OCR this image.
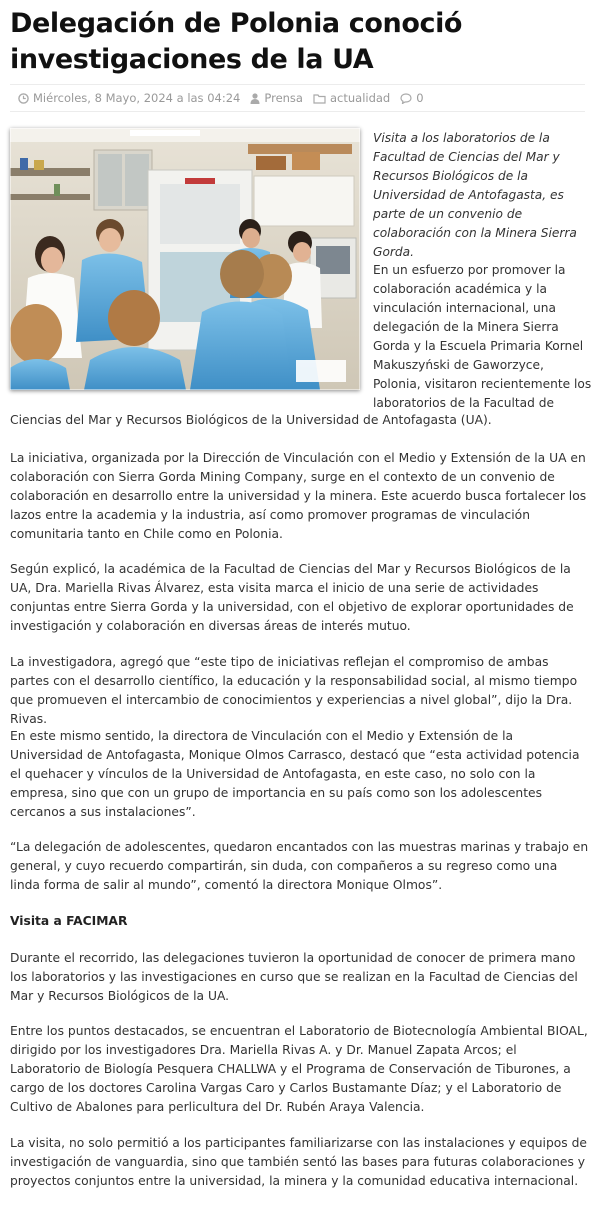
Delegación de Polonia conoció investigaciones de la UA
Miércoles, 8 Mayo, 2024 a las 04:24 Prensa actualidad 0

Visita a los laboratorios de la Facultad de Ciencias del Mar y Recursos Biológicos de la Universidad de Antofagasta, es parte de un convenio de colaboración con la Minera Sierra Gorda.

En un esfuerzo por promover la colaboración académica y la vinculación internacional, una delegación de la Minera Sierra Gorda y la Escuela Primaria Kornel Makuszyński de Gaworzyce, Polonia, visitaron recientemente los laboratorios de la Facultad de

Ciencias del Mar y Recursos Biológicos de la Universidad de Antofagasta (UA).

La iniciativa, organizada por la Dirección de Vinculación con el Medio y Extensión de la UA en colaboración con Sierra Gorda Mining Company, surge en el contexto de un convenio de colaboración en desarrollo entre la universidad y la minera. Este acuerdo busca fortalecer los lazos entre la academia y la industria, así como promover programas de vinculación comunitaria tanto en Chile como en Polonia.

Según explicó, la académica de la Facultad de Ciencias del Mar y Recursos Biológicos de la UA, Dra. Mariella Rivas Álvarez, esta visita marca el inicio de una serie de actividades conjuntas entre Sierra Gorda y la universidad, con el objetivo de explorar oportunidades de investigación y colaboración en diversas áreas de interés mutuo.

La investigadora, agregó que “este tipo de iniciativas reflejan el compromiso de ambas partes con el desarrollo científico, la educación y la responsabilidad social, al mismo tiempo que promueven el intercambio de conocimientos y experiencias a nivel global”, dijo la Dra. Rivas.

En este mismo sentido, la directora de Vinculación con el Medio y Extensión de la Universidad de Antofagasta, Monique Olmos Carrasco, destacó que “esta actividad potencia el quehacer y vínculos de la Universidad de Antofagasta, en este caso, no solo con la empresa, sino que con un grupo de importancia en su país como son los adolescentes cercanos a sus instalaciones”.

“La delegación de adolescentes, quedaron encantados con las muestras marinas y trabajo en general, y cuyo recuerdo compartirán, sin duda, con compañeros a su regreso como una linda forma de salir al mundo”, comentó la directora Monique Olmos”.

Visita a FACIMAR

Durante el recorrido, las delegaciones tuvieron la oportunidad de conocer de primera mano los laboratorios y las investigaciones en curso que se realizan en la Facultad de Ciencias del Mar y Recursos Biológicos de la UA.

Entre los puntos destacados, se encuentran el Laboratorio de Biotecnología Ambiental BIOAL, dirigido por los investigadores Dra. Mariella Rivas A. y Dr. Manuel Zapata Arcos; el Laboratorio de Biología Pesquera CHALLWA y el Programa de Conservación de Tiburones, a cargo de los doctores Carolina Vargas Caro y Carlos Bustamante Díaz; y el Laboratorio de Cultivo de Abalones para perlicultura del Dr. Rubén Araya Valencia.

La visita, no solo permitió a los participantes familiarizarse con las instalaciones y equipos de investigación de vanguardia, sino que también sentó las bases para futuras colaboraciones y proyectos conjuntos entre la universidad, la minera y la comunidad educativa internacional.
